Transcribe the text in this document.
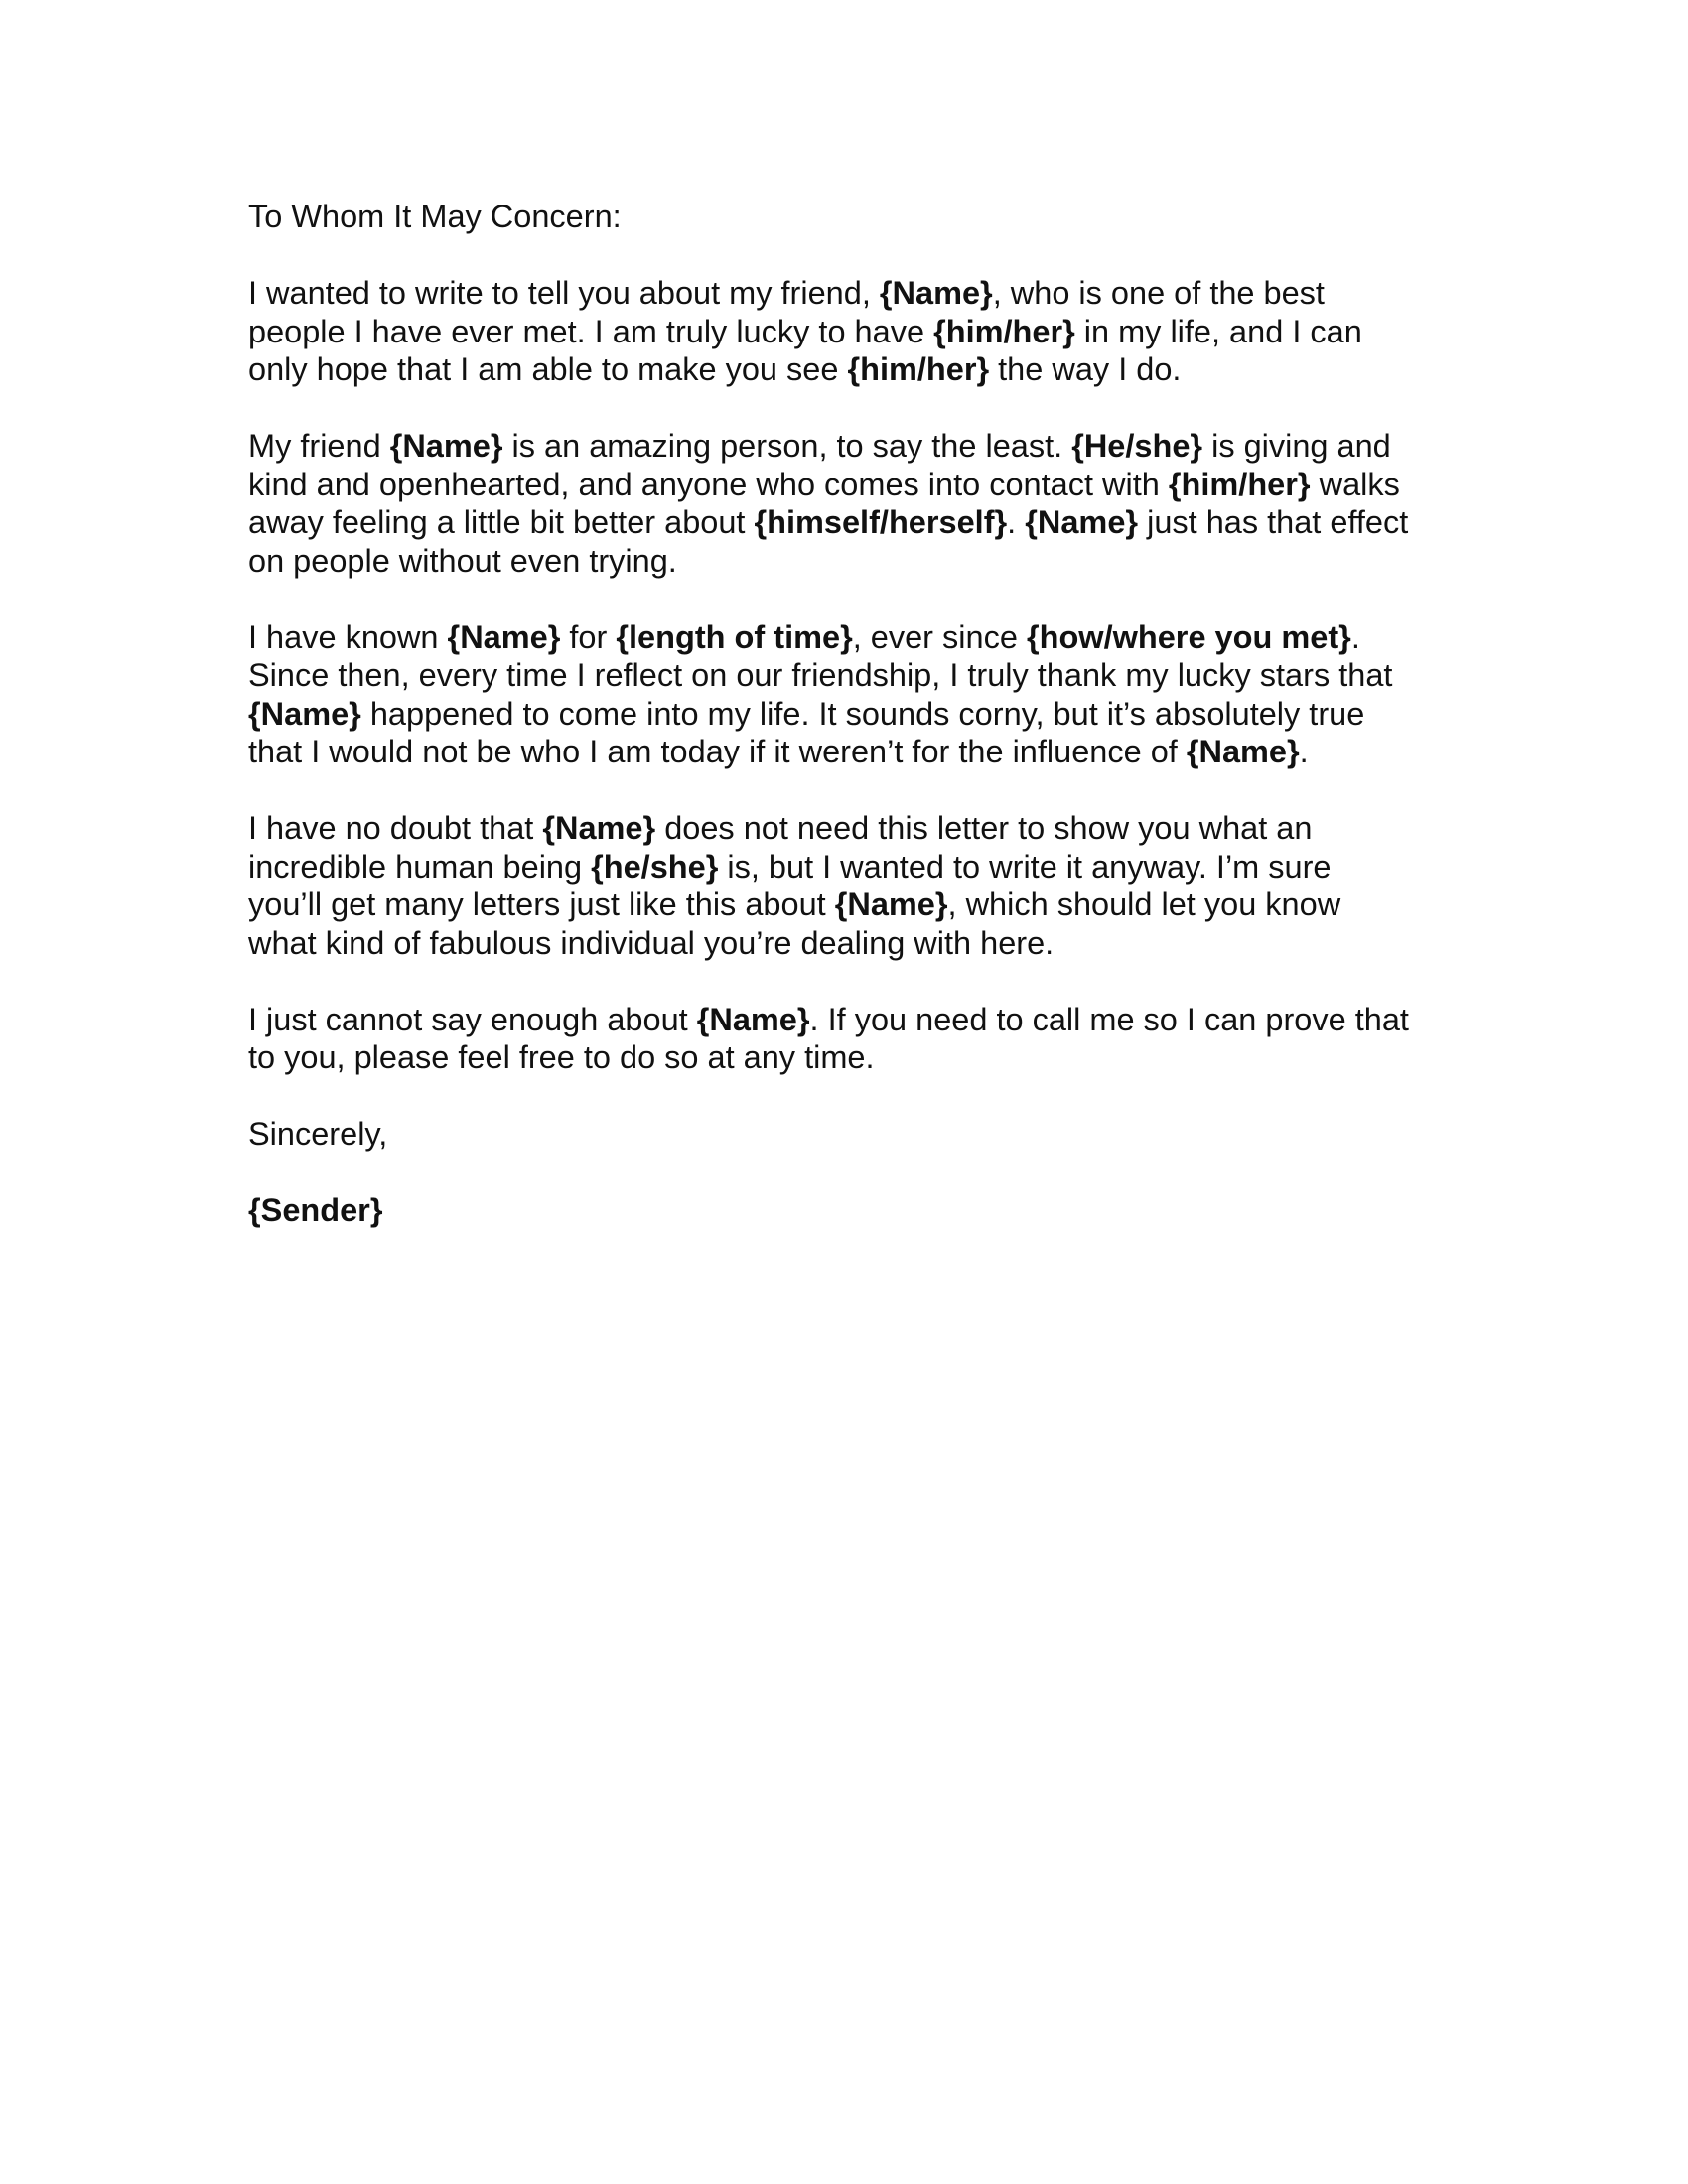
To Whom It May Concern:

I wanted to write to tell you about my friend, {Name}, who is one of the best
people I have ever met. I am truly lucky to have {him/her} in my life, and I can
only hope that I am able to make you see {him/her} the way I do.

My friend {Name} is an amazing person, to say the least. {He/she} is giving and
kind and openhearted, and anyone who comes into contact with {him/her} walks
away feeling a little bit better about {himself/herself}. {Name} just has that effect
on people without even trying.

I have known {Name} for {length of time}, ever since {how/where you met}.
Since then, every time I reflect on our friendship, I truly thank my lucky stars that
{Name} happened to come into my life. It sounds corny, but it’s absolutely true
that I would not be who I am today if it weren’t for the influence of {Name}.

I have no doubt that {Name} does not need this letter to show you what an
incredible human being {he/she} is, but I wanted to write it anyway. I’m sure
you’ll get many letters just like this about {Name}, which should let you know
what kind of fabulous individual you’re dealing with here.

I just cannot say enough about {Name}. If you need to call me so I can prove that
to you, please feel free to do so at any time.

Sincerely,

{Sender}
